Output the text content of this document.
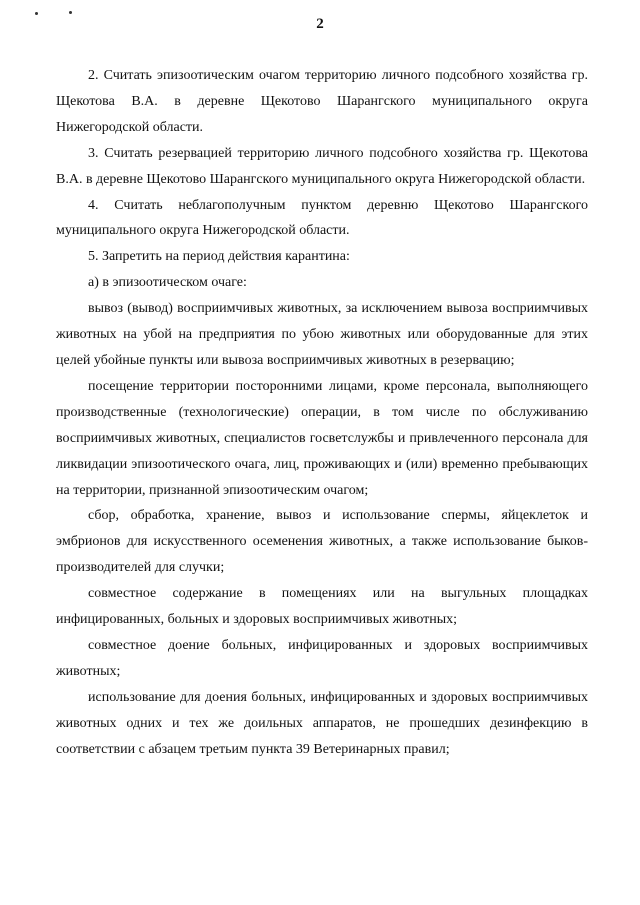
2

2. Считать эпизоотическим очагом территорию личного подсобного хозяйства гр. Щекотова В.А. в деревне Щекотово Шарангского муниципального округа Нижегородской области.

3. Считать резервацией территорию личного подсобного хозяйства гр. Щекотова В.А. в деревне Щекотово Шарангского муниципального округа Нижегородской области.

4. Считать неблагополучным пунктом деревню Щекотово Шарангского муниципального округа Нижегородской области.

5. Запретить на период действия карантина:

а) в эпизоотическом очаге:

вывоз (вывод) восприимчивых животных, за исключением вывоза восприимчивых животных на убой на предприятия по убою животных или оборудованные для этих целей убойные пункты или вывоза восприимчивых животных в резервацию;

посещение территории посторонними лицами, кроме персонала, выполняющего производственные (технологические) операции, в том числе по обслуживанию восприимчивых животных, специалистов госветслужбы и привлеченного персонала для ликвидации эпизоотического очага, лиц, проживающих и (или) временно пребывающих на территории, признанной эпизоотическим очагом;

сбор, обработка, хранение, вывоз и использование спермы, яйцеклеток и эмбрионов для искусственного осеменения животных, а также использование быков-производителей для случки;

совместное содержание в помещениях или на выгульных площадках инфицированных, больных и здоровых восприимчивых животных;

совместное доение больных, инфицированных и здоровых восприимчивых животных;

использование для доения больных, инфицированных и здоровых восприимчивых животных одних и тех же доильных аппаратов, не прошедших дезинфекцию в соответствии с абзацем третьим пункта 39 Ветеринарных правил;
